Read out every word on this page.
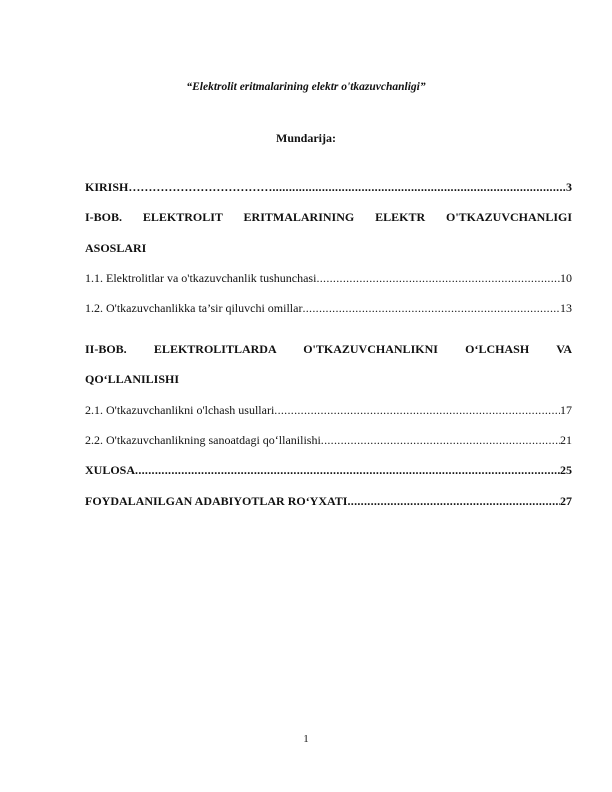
“Elektrolit eritmalarining elektr o'tkazuvchanligi”
Mundarija:
KIRISH……………………………… .....	3
I-BOB. ELEKTROLIT ERITMALARINING ELEKTR O'TKAZUVCHANLIGI
ASOSLARI
1.1. Elektrolitlar va o'tkazuvchanlik tushunchasi .....	10
1.2. O'tkazuvchanlikka ta’sir qiluvchi omillar .....	13
II-BOB. ELEKTROLITLARDA O'TKAZUVCHANLIKNI O‘LCHASH VA
QO‘LLANILISHI
2.1. O'tkazuvchanlikni o'lchash usullari .....	17
2.2. O'tkazuvchanlikning sanoatdagi qo‘llanilishi .....	21
XULOSA .....	25
FOYDALANILGAN ADABIYOTLAR RO‘YXATI .....	27
1
